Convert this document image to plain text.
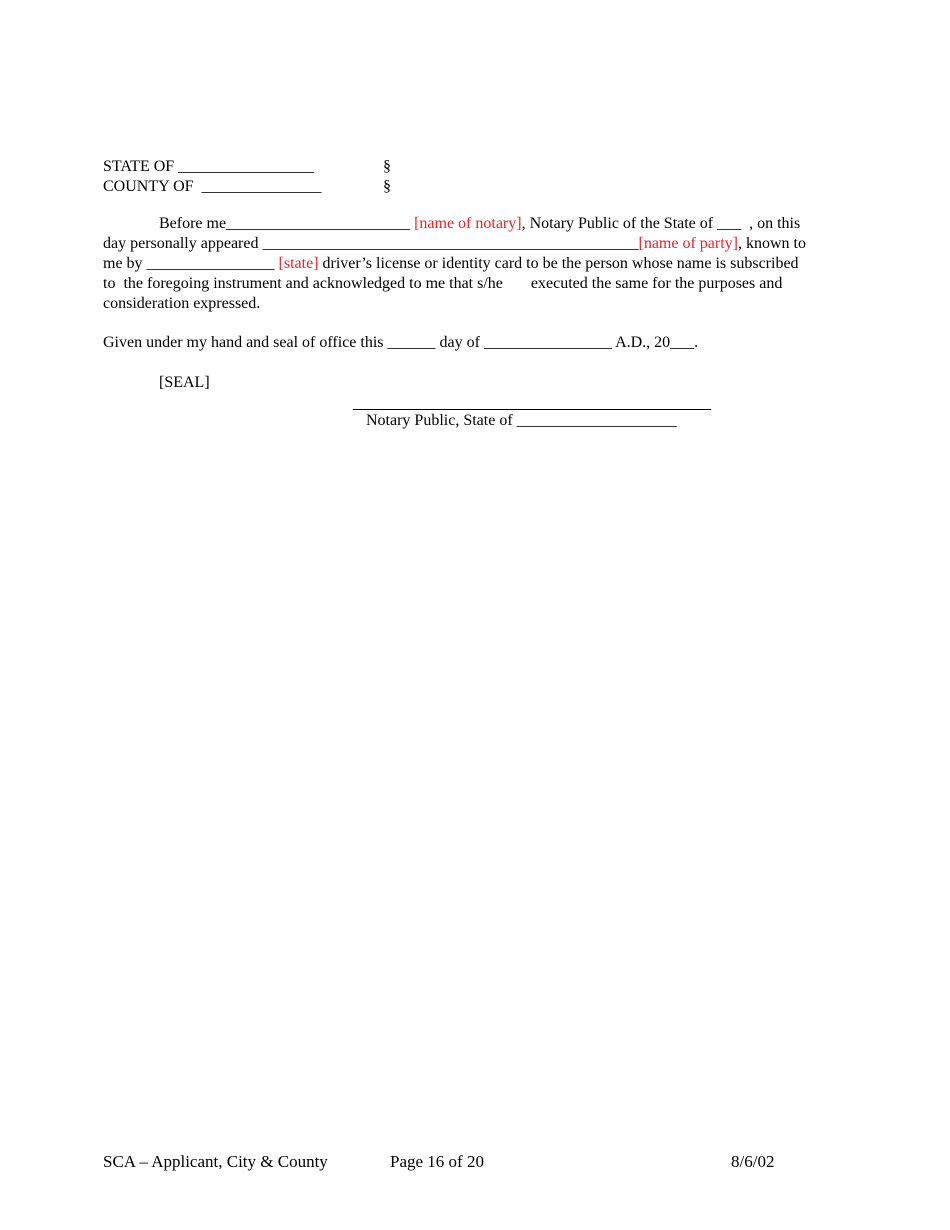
STATE OF _________________	§
COUNTY OF  _______________	§
Before me_______________________ [name of notary], Notary Public of the State of ___  , on this
day personally appeared _______________________________________________[name of party], known to
me by ________________ [state] driver’s license or identity card to be the person whose name is subscribed
to  the foregoing instrument and acknowledged to me that s/he       executed the same for the purposes and
consideration expressed.
Given under my hand and seal of office this ______ day of ________________ A.D., 20___.
[SEAL]
Notary Public, State of ____________________
SCA – Applicant, City & County	Page 16 of 20	8/6/02
